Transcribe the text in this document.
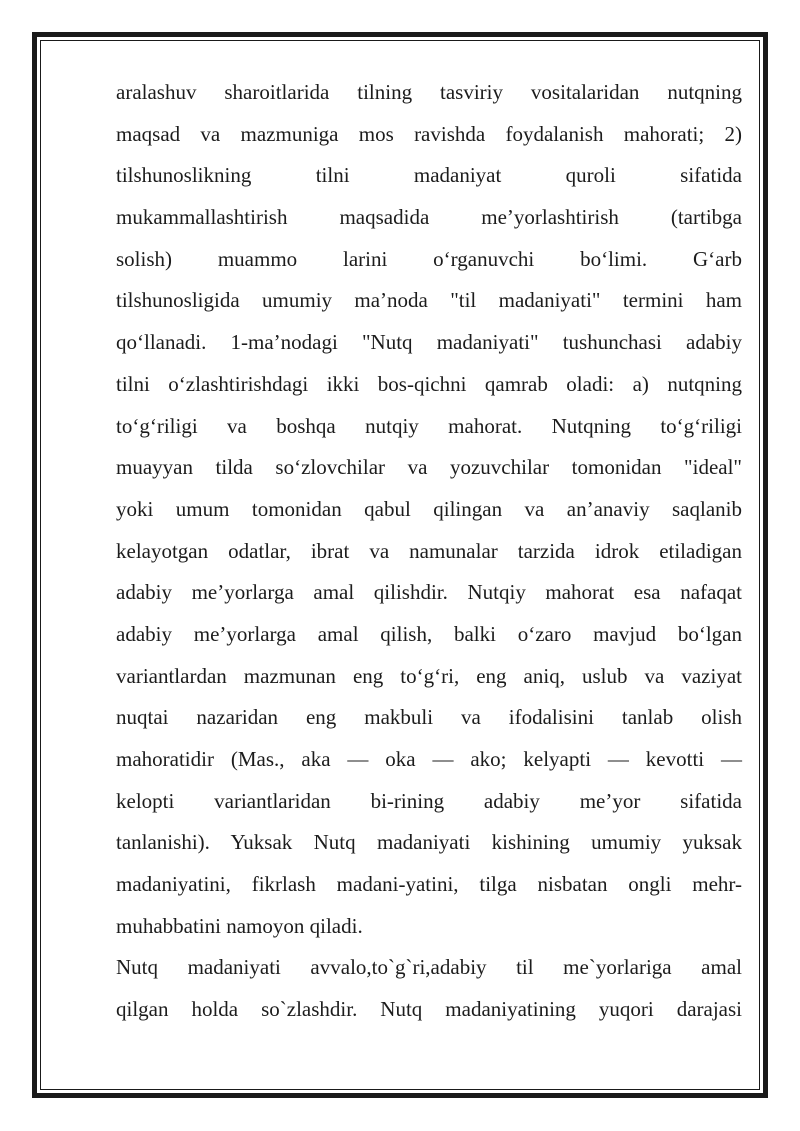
aralashuv sharoitlarida tilning tasviriy vositalaridan nutqning
maqsad va mazmuniga mos ravishda foydalanish mahorati; 2)
tilshunoslikning tilni madaniyat quroli sifatida
mukammallashtirish maqsadida me’yorlashtirish (tartibga
solish) muammo larini o‘rganuvchi bo‘limi. G‘arb
tilshunosligida umumiy ma’noda "til madaniyati" termini ham
qo‘llanadi. 1-ma’nodagi "Nutq madaniyati" tushunchasi adabiy
tilni o‘zlashtirishdagi ikki bos-qichni qamrab oladi: a) nutqning
to‘g‘riligi va boshqa nutqiy mahorat. Nutqning to‘g‘riligi
muayyan tilda so‘zlovchilar va yozuvchilar tomonidan "ideal"
yoki umum tomonidan qabul qilingan va an’anaviy saqlanib
kelayotgan odatlar, ibrat va namunalar tarzida idrok etiladigan
adabiy me’yorlarga amal qilishdir. Nutqiy mahorat esa nafaqat
adabiy me’yorlarga amal qilish, balki o‘zaro mavjud bo‘lgan
variantlardan mazmunan eng to‘g‘ri, eng aniq, uslub va vaziyat
nuqtai nazaridan eng makbuli va ifodalisini tanlab olish
mahoratidir (Mas., aka — oka — ako; kelyapti — kevotti —
kelopti variantlaridan bi-rining adabiy me’yor sifatida
tanlanishi). Yuksak Nutq madaniyati kishining umumiy yuksak
madaniyatini, fikrlash madani-yatini, tilga nisbatan ongli mehr-
muhabbatini namoyon qiladi.
Nutq madaniyati avvalo,to`g`ri,adabiy til me`yorlariga amal
qilgan holda so`zlashdir. Nutq madaniyatining yuqori darajasi
